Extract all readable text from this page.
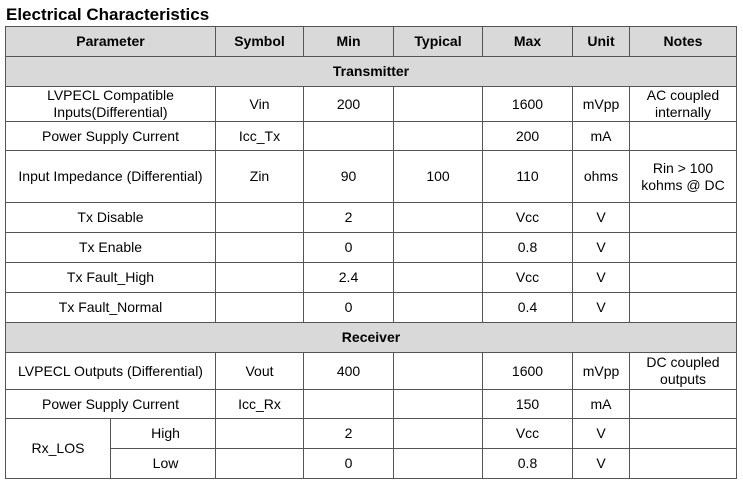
Electrical Characteristics
Parameter		Symbol	Min	Typical	Max	Unit	Notes
Transmitter							
LVPECL Compatible Inputs(Differential)		Vin	200		1600	mVpp	AC coupled internally
Power Supply Current		Icc_Tx			200	mA	
Input Impedance (Differential)		Zin	90	100	110	ohms	Rin > 100 kohms @ DC
Tx Disable			2		Vcc	V	
Tx Enable			0		0.8	V	
Tx Fault_High			2.4		Vcc	V	
Tx Fault_Normal			0		0.4	V	
Receiver							
LVPECL Outputs (Differential)		Vout	400		1600	mVpp	DC coupled outputs
Power Supply Current		Icc_Rx			150	mA	
Rx_LOS	High		2		Vcc	V	
	Low		0		0.8	V	
